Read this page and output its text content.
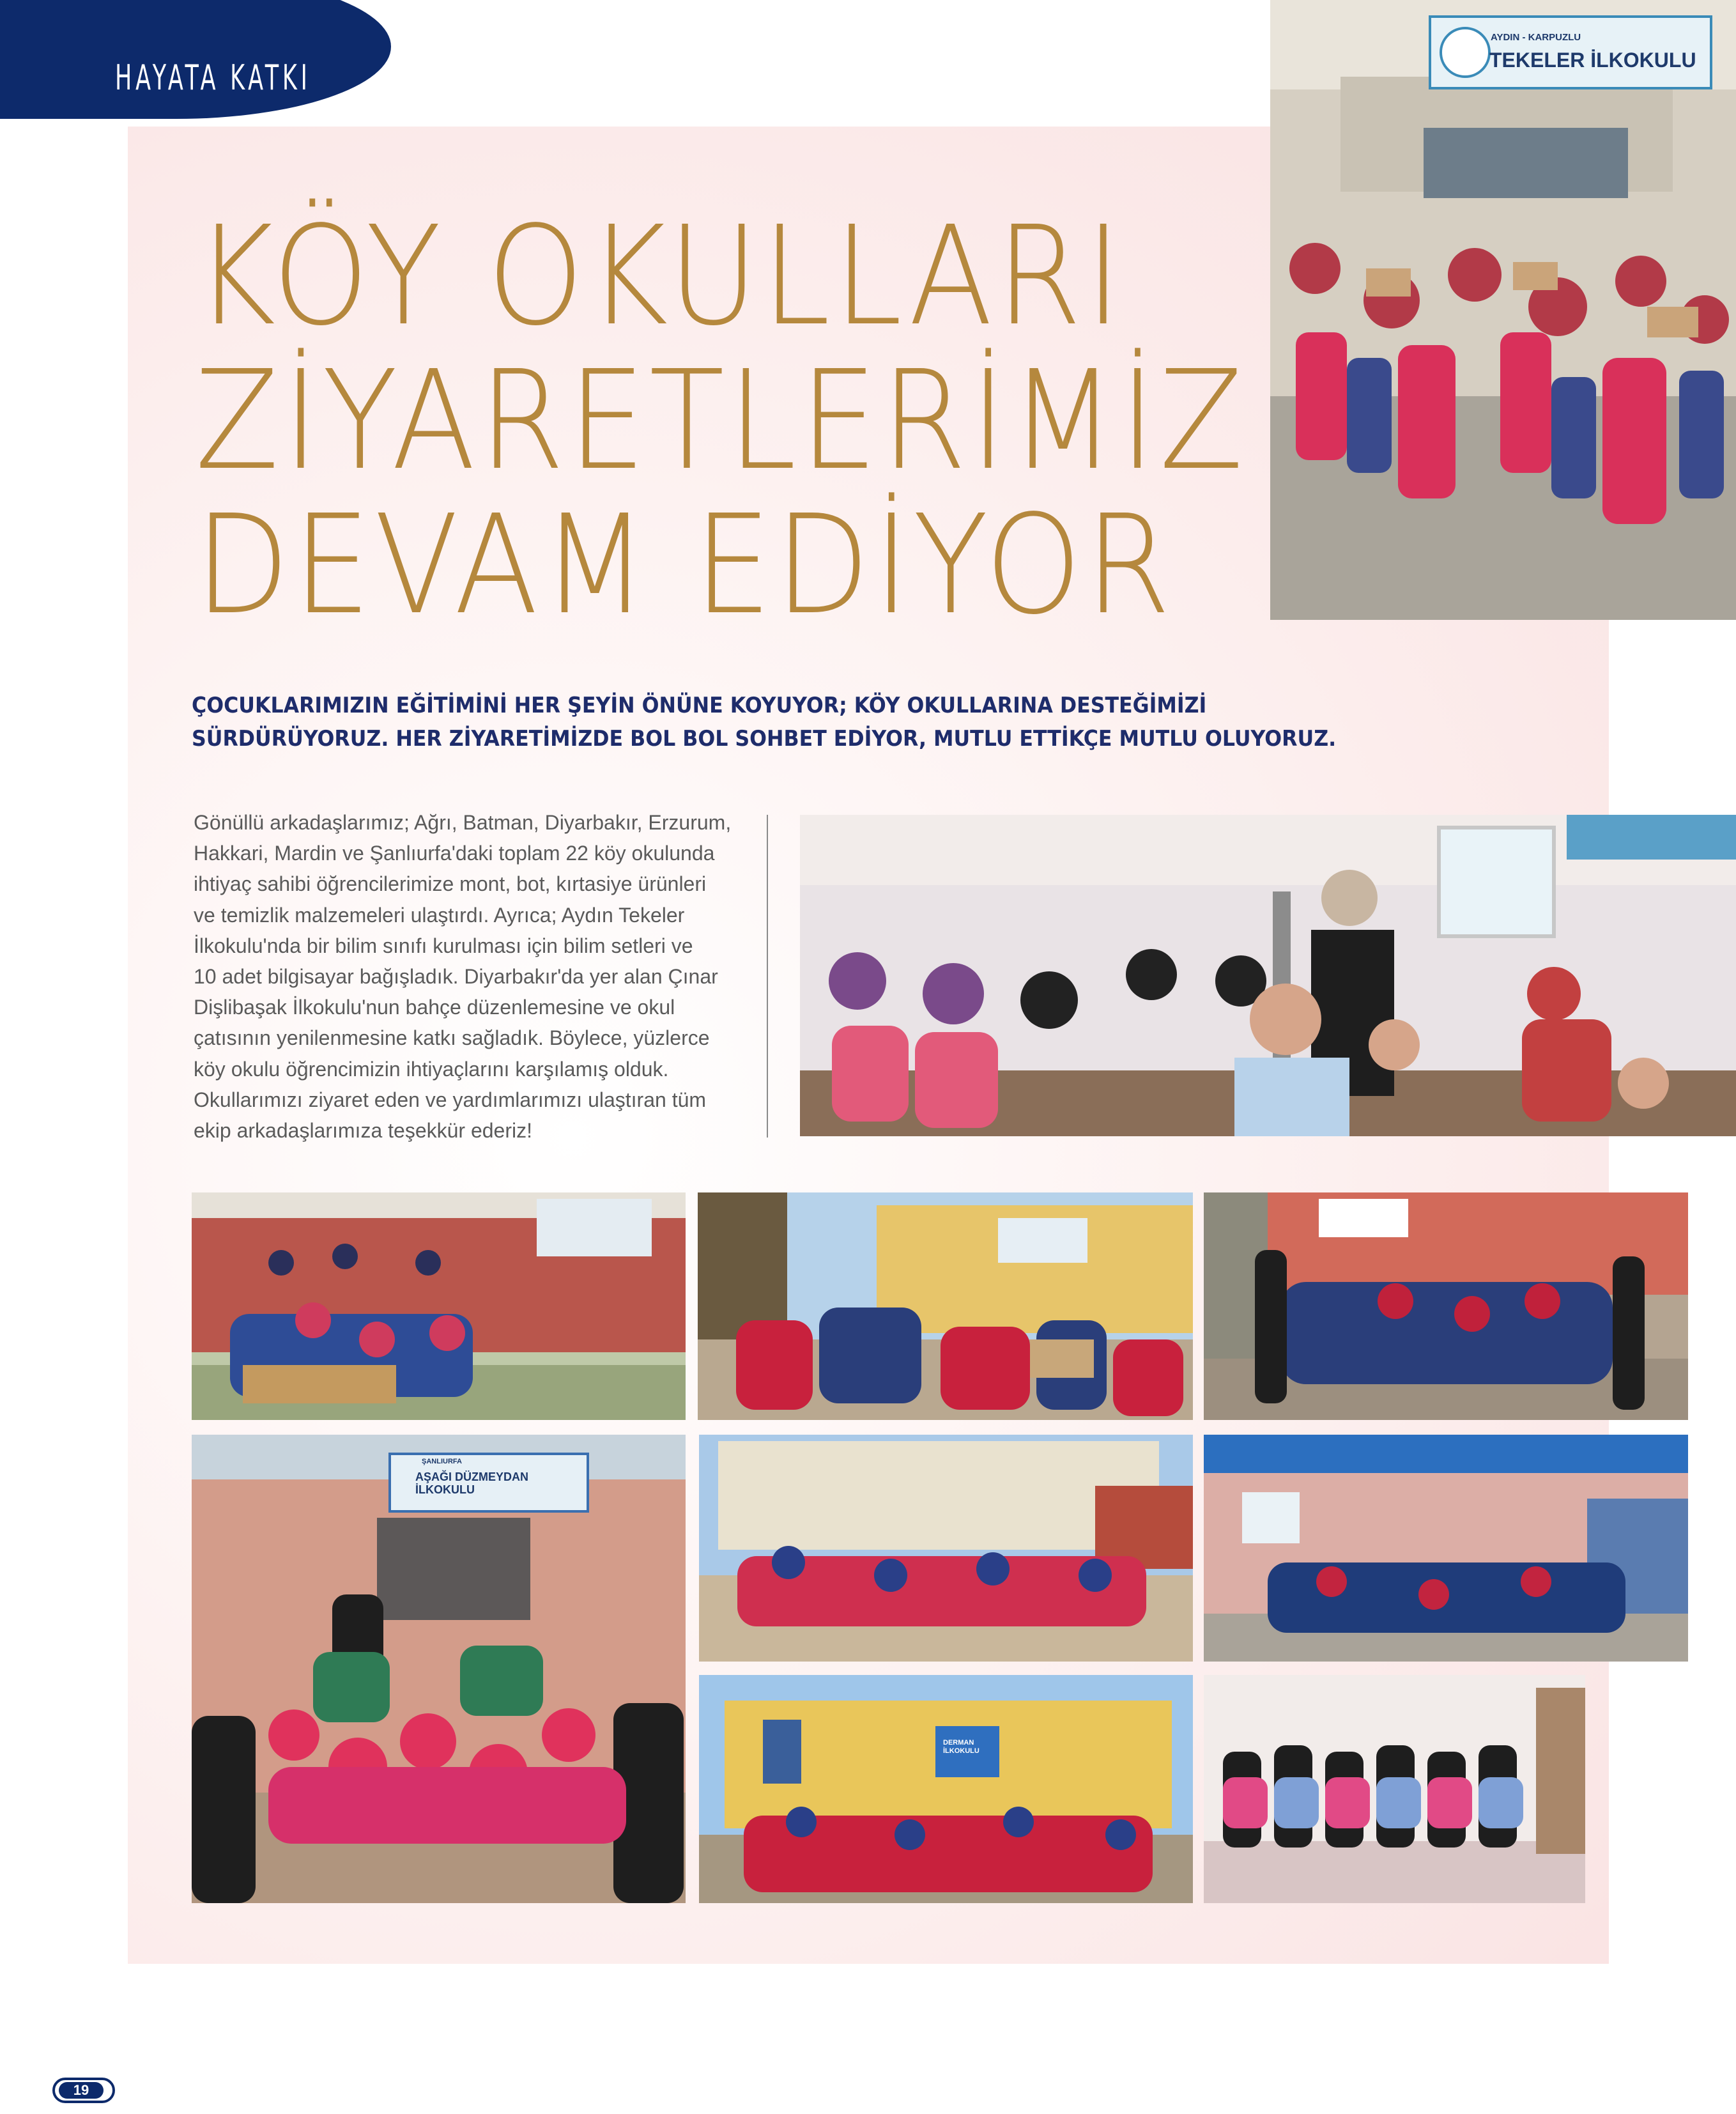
HAYATA KATKI
KÖY OKULLARI
ZİYARETLERİMİZ
DEVAM EDİYOR
ÇOCUKLARIMIZIN EĞİTİMİNİ HER ŞEYİN ÖNÜNE KOYUYOR; KÖY OKULLARINA DESTEĞİMİZİ
SÜRDÜRÜYORUZ. HER ZİYARETİMİZDE BOL BOL SOHBET EDİYOR, MUTLU ETTİKÇE MUTLU OLUYORUZ.
Gönüllü arkadaşlarımız; Ağrı, Batman, Diyarbakır, Erzurum,
Hakkari, Mardin ve Şanlıurfa'daki toplam 22 köy okulunda
ihtiyaç sahibi öğrencilerimize mont, bot, kırtasiye ürünleri
ve temizlik malzemeleri ulaştırdı. Ayrıca; Aydın Tekeler
İlkokulu'nda bir bilim sınıfı kurulması için bilim setleri ve
10 adet bilgisayar bağışladık. Diyarbakır'da yer alan Çınar
Dişlibaşak İlkokulu'nun bahçe düzenlemesine ve okul
çatısının yenilenmesine katkı sağladık. Böylece, yüzlerce
köy okulu öğrencimizin ihtiyaçlarını karşılamış olduk.
Okullarımızı ziyaret eden ve yardımlarımızı ulaştıran tüm
ekip arkadaşlarımıza teşekkür ederiz!
AYDIN - KARPUZLU
TEKELER İLKOKULU
ŞANLIURFA
AŞAĞI DÜZMEYDAN İLKOKULU
DERMAN İLKOKULU
19
